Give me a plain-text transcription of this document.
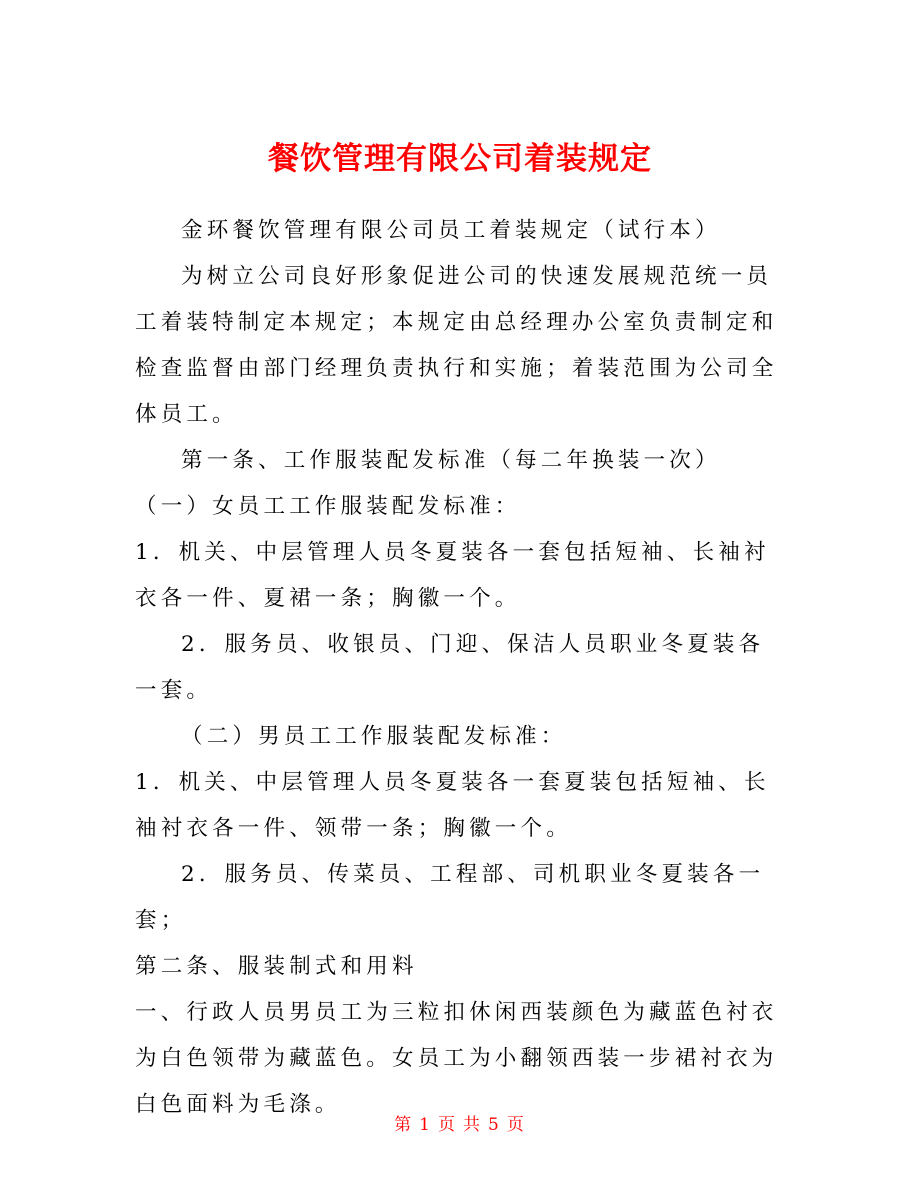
餐饮管理有限公司着装规定

金环餐饮管理有限公司员工着装规定（试行本）

为树立公司良好形象促进公司的快速发展规范统一员工着装特制定本规定；本规定由总经理办公室负责制定和检查监督由部门经理负责执行和实施；着装范围为公司全体员工。

第一条、工作服装配发标准（每二年换装一次）

（一）女员工工作服装配发标准：

1．机关、中层管理人员冬夏装各一套包括短袖、长袖衬衣各一件、夏裙一条；胸徽一个。

2．服务员、收银员、门迎、保洁人员职业冬夏装各一套。

（二）男员工工作服装配发标准：

1．机关、中层管理人员冬夏装各一套夏装包括短袖、长袖衬衣各一件、领带一条；胸徽一个。

2．服务员、传菜员、工程部、司机职业冬夏装各一套；

第二条、服装制式和用料

一、行政人员男员工为三粒扣休闲西装颜色为藏蓝色衬衣为白色领带为藏蓝色。女员工为小翻领西装一步裙衬衣为白色面料为毛涤。

第 1 页 共 5 页
